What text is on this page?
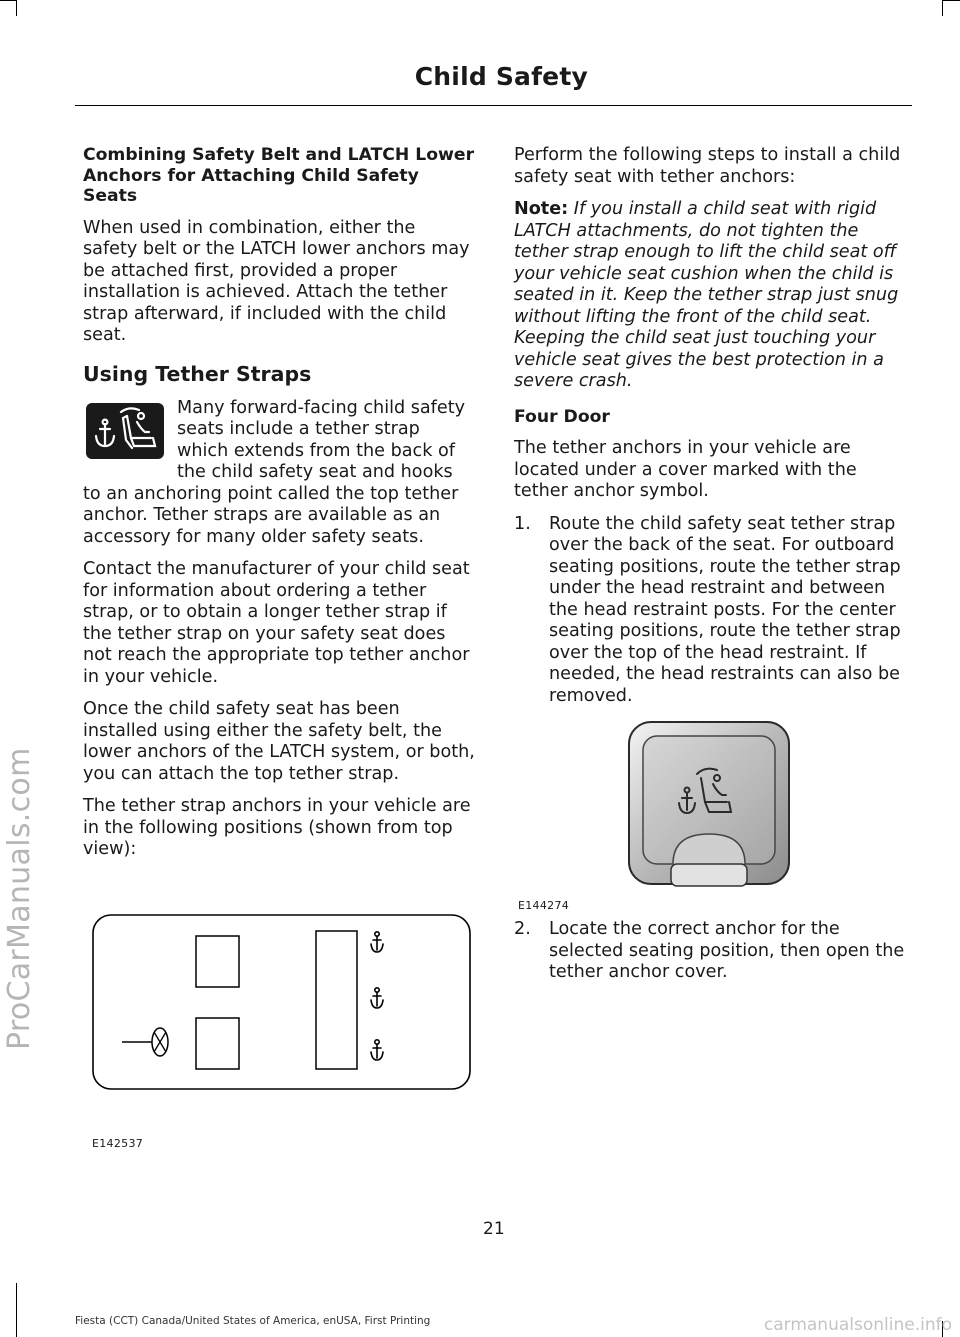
Child Safety
ProCarManuals.com
Combining Safety Belt and LATCH Lower Anchors for Attaching Child Safety Seats

When used in combination, either the safety belt or the LATCH lower anchors may be attached first, provided a proper installation is achieved. Attach the tether strap afterward, if included with the child seat.

Using Tether Straps
Many forward-facing child safety seats include a tether strap which extends from the back of the child safety seat and hooks to an anchoring point called the top tether anchor. Tether straps are available as an accessory for many older safety seats.

Contact the manufacturer of your child seat for information about ordering a tether strap, or to obtain a longer tether strap if the tether strap on your safety seat does not reach the appropriate top tether anchor in your vehicle.

Once the child safety seat has been installed using either the safety belt, the lower anchors of the LATCH system, or both, you can attach the top tether strap.

The tether strap anchors in your vehicle are in the following positions (shown from top view):

E142537

Perform the following steps to install a child safety seat with tether anchors:

Note: If you install a child seat with rigid LATCH attachments, do not tighten the tether strap enough to lift the child seat off your vehicle seat cushion when the child is seated in it. Keep the tether strap just snug without lifting the front of the child seat. Keeping the child seat just touching your vehicle seat gives the best protection in a severe crash.

Four Door

The tether anchors in your vehicle are located under a cover marked with the tether anchor symbol.

1.	Route the child safety seat tether strap over the back of the seat. For outboard seating positions, route the tether strap under the head restraint and between the head restraint posts. For the center seating positions, route the tether strap over the top of the head restraint. If needed, the head restraints can also be removed.
2.	Locate the correct anchor for the selected seating position, then open the tether anchor cover.
E144274
21
Fiesta (CCT) Canada/United States of America, enUSA, First Printing	carmanualsonline.info
